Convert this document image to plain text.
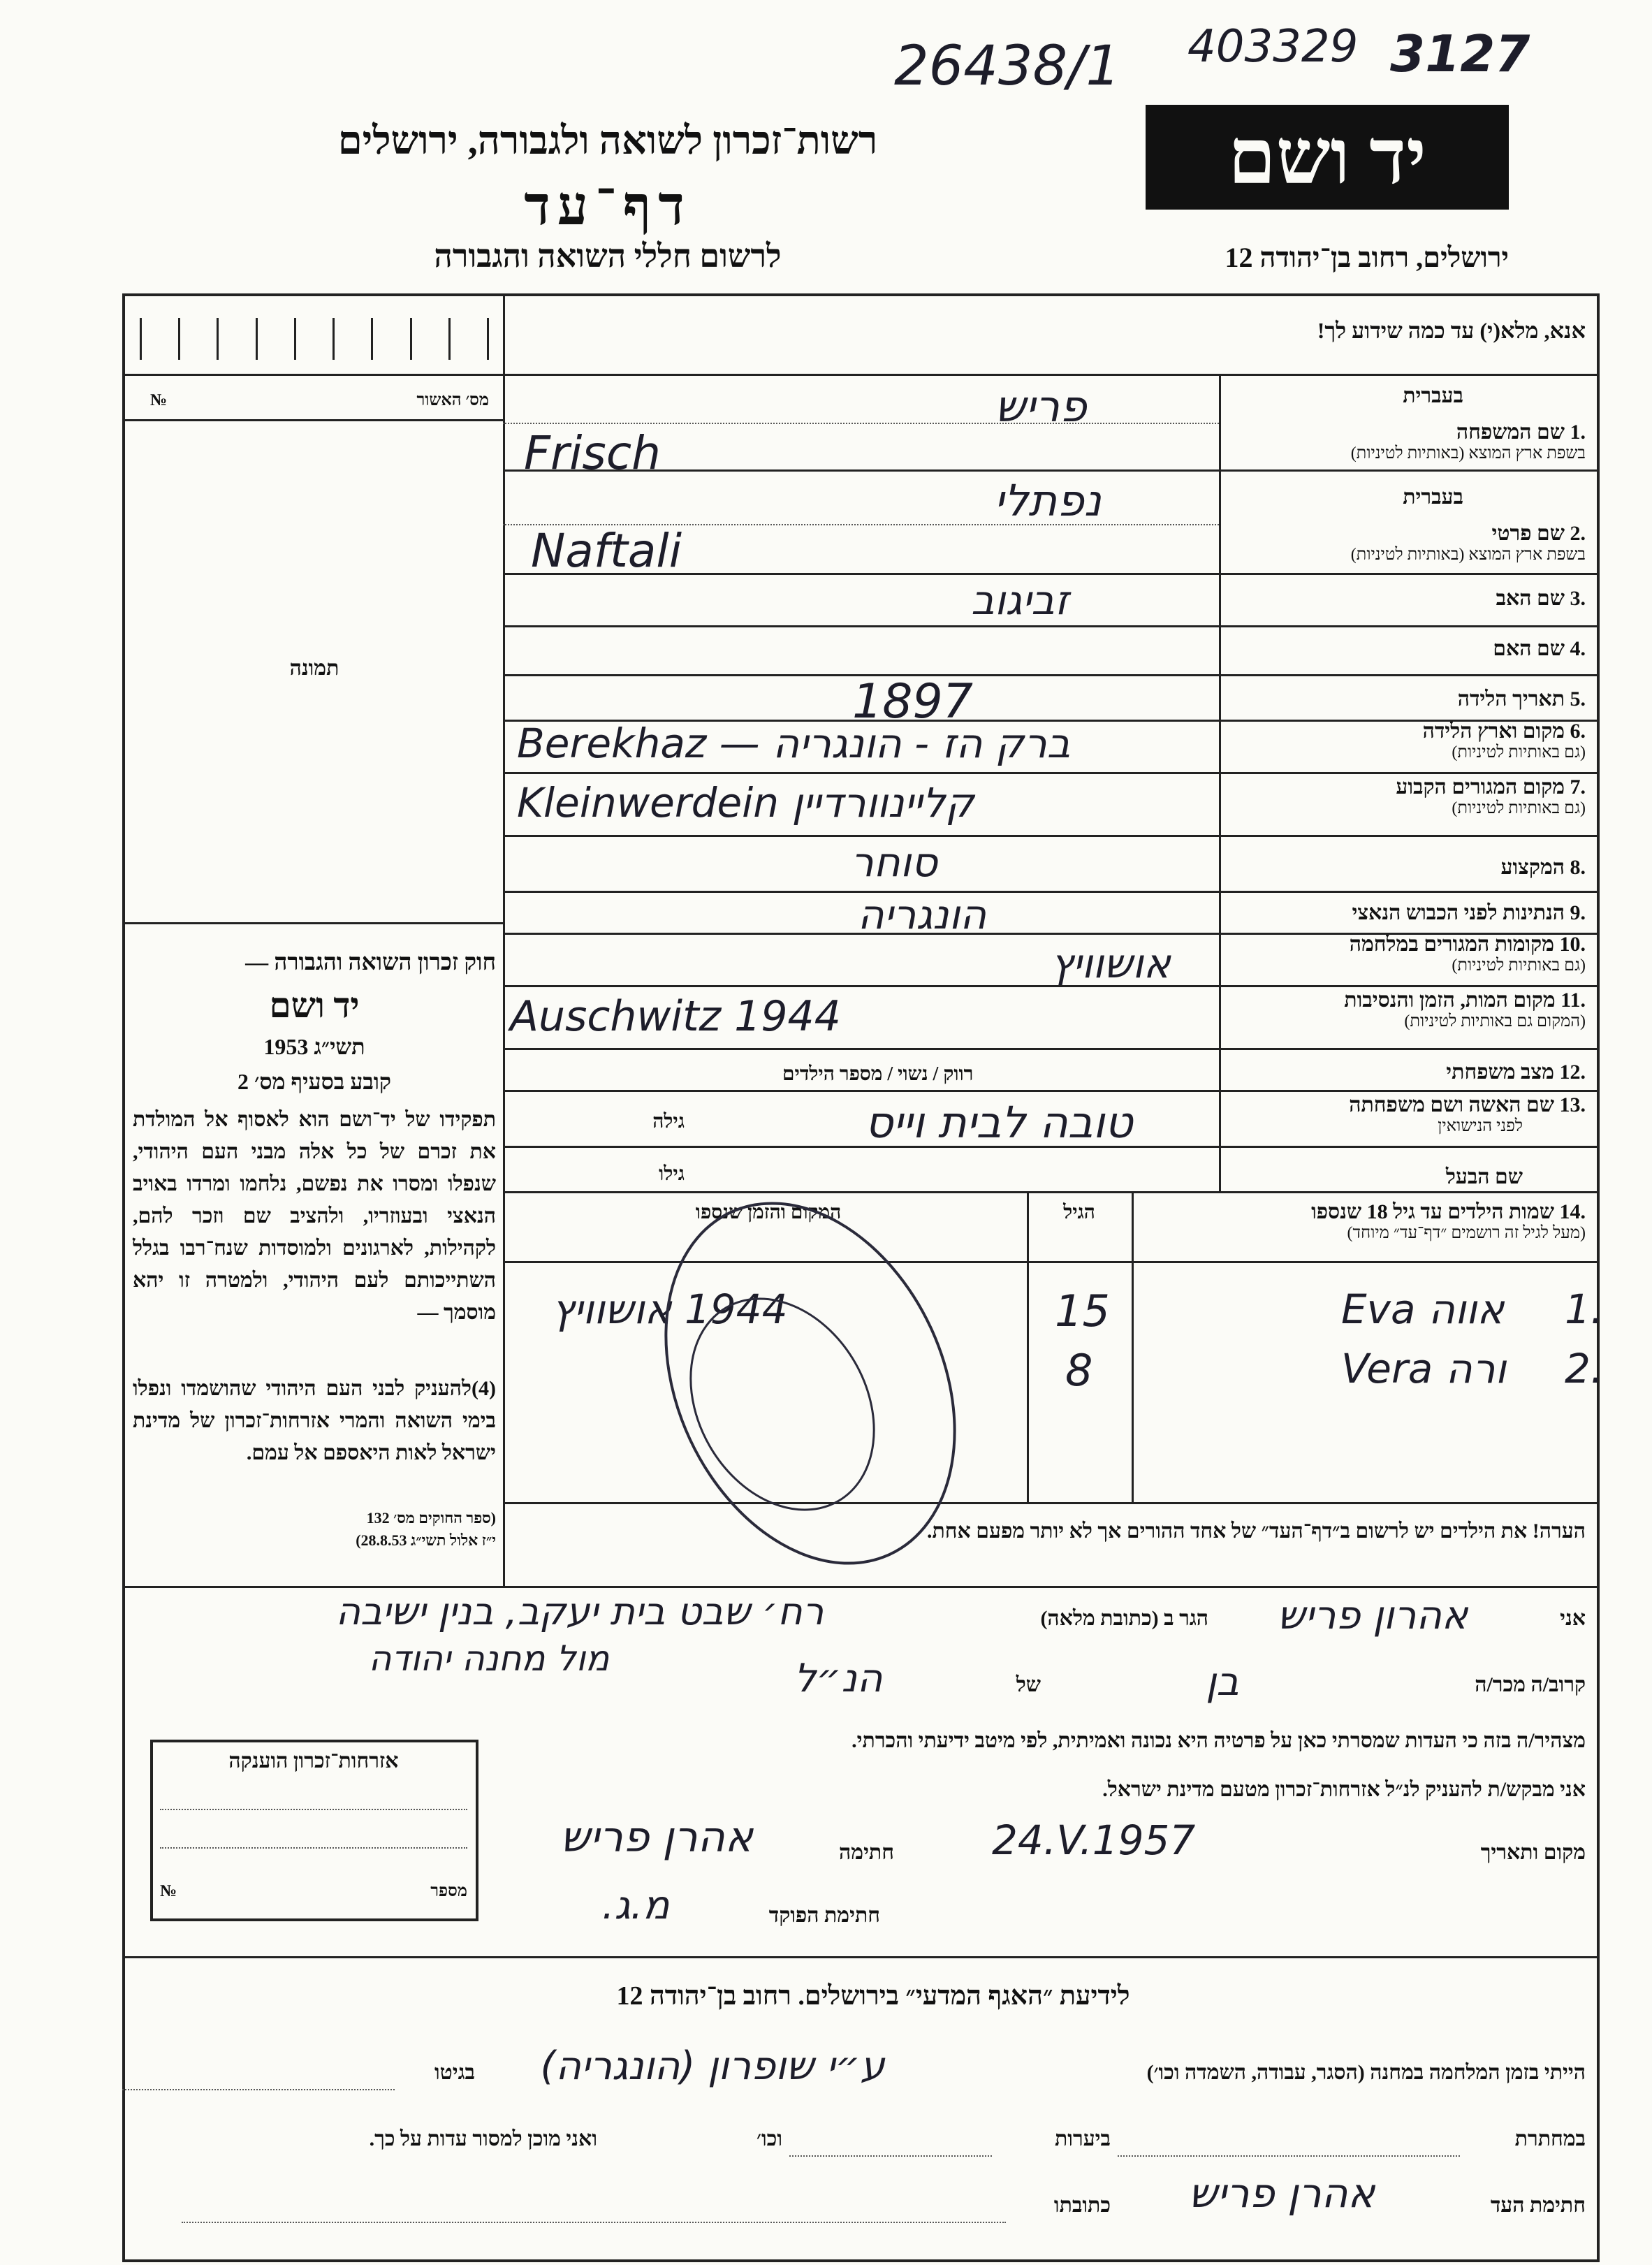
26438/1 403329 3127
רשות־זכרון לשואה ולגבורה, ירושלים
דף־עד
לרשום חללי השואה והגבורה
יד ושם
ירושלים, רחוב בן־יהודה 12
אנא, מלא(י) עד כמה שידוע לך!
מס׳ האשור
№
תמונה
חוק זכרון השואה והגבורה —
יד ושם
תשי״ג 1953
קובע בסעיף מס׳ 2
תפקידו של יד־ושם הוא לאסוף אל המולדת את זכרם של כל אלה מבני העם היהודי, שנפלו ומסרו את נפשם, נלחמו ומרדו באויב הנאצי ובעוזריו, ולהציב שם וזכר להם, לקהילות, לארגונים ולמוסדות שנח־רבו בגלל השתייכותם לעם היהודי, ולמטרה זו יהא מוסמך —
(4)להעניק לבני העם היהודי שהושמדו ונפלו בימי השואה והמרי אזרחות־זכרון של מדינת ישראל לאות היאספם אל עמם.
(ספר החוקים מס׳ 132
י״ז אלול תשי״ג 28.8.53)
בעברית
.1 שם המשפחה
בשפת ארץ המוצא (באותיות לטיניות)
בעברית
.2 שם פרטי
בשפת ארץ המוצא (באותיות לטיניות)
.3 שם האב
.4 שם האם
.5 תאריך הלידה
.6 מקום וארץ הלידה
(גם באותיות לטיניות)
.7 מקום המגורים הקבוע
(גם באותיות לטיניות)
.8 המקצוע
.9 הנתינות לפני הכבוש הנאצי
.10 מקומות המגורים במלחמה
(גם באותיות לטיניות)
.11 מקום המות, הזמן והנסיבות
(המקום גם באותיות לטיניות)
.12 מצב משפחתי
.13 שם האשה ושם משפחתה
לפני הנישואין
שם הבעל
פריש
Frisch
נפתלי
Naftali
זביגוב
1897
Berekhaz — ברק הז - הונגריה
Kleinwerdein קליינוורדיין
סוחר
הונגריה
אושוויץ
Auschwitz 1944
רווק / נשוי / מספר הילדים
גילה	טובה לבית וייס
גילו
.14 שמות הילדים עד גיל 18 שנספו
(מעל לגיל זה רושמים ״דף־עד״ מיוחד)
הגיל
המקום והזמן שנספו
אווה Eva 1.
15
1944 אושוויץ
ורה Vera 2.
8
הערה! את הילדים יש לרשום ב״דף־העד״ של אחד ההורים אך לא יותר מפעם אחת.
אני
אהרון פריש
הגר ב (כתובת מלאה)
רח׳ שבט בית יעקב, בנין ישיבה
מול מחנה יהודה
קרוב/ה מכר/ה
בן
של
הנ״ל
מצהיר/ה בזה כי העדות שמסרתי כאן על פרטיה היא נכונה ואמיתית, לפי מיטב ידיעתי והכרתי.
אני מבקש/ת להעניק לנ״ל אזרחות־זכרון מטעם מדינת ישראל.
אזרחות־זכרון הוענקה
מספר
№
מקום ותאריך
24.V.1957
חתימה
אהרן פריש
חתימת הפוקד
מ.ג.
לידיעת ״האגף המדעי״ בירושלים. רחוב בן־יהודה 12
הייתי בזמן המלחמה במחנה (הסגר, עבודה, השמדה וכו׳)
ע״י שופרון (הונגריה)
בגיטו
במחתרת
ביערות
וכו׳
ואני מוכן למסור עדות על כך.
חתימת העד
אהרן פריש
כתובתו
